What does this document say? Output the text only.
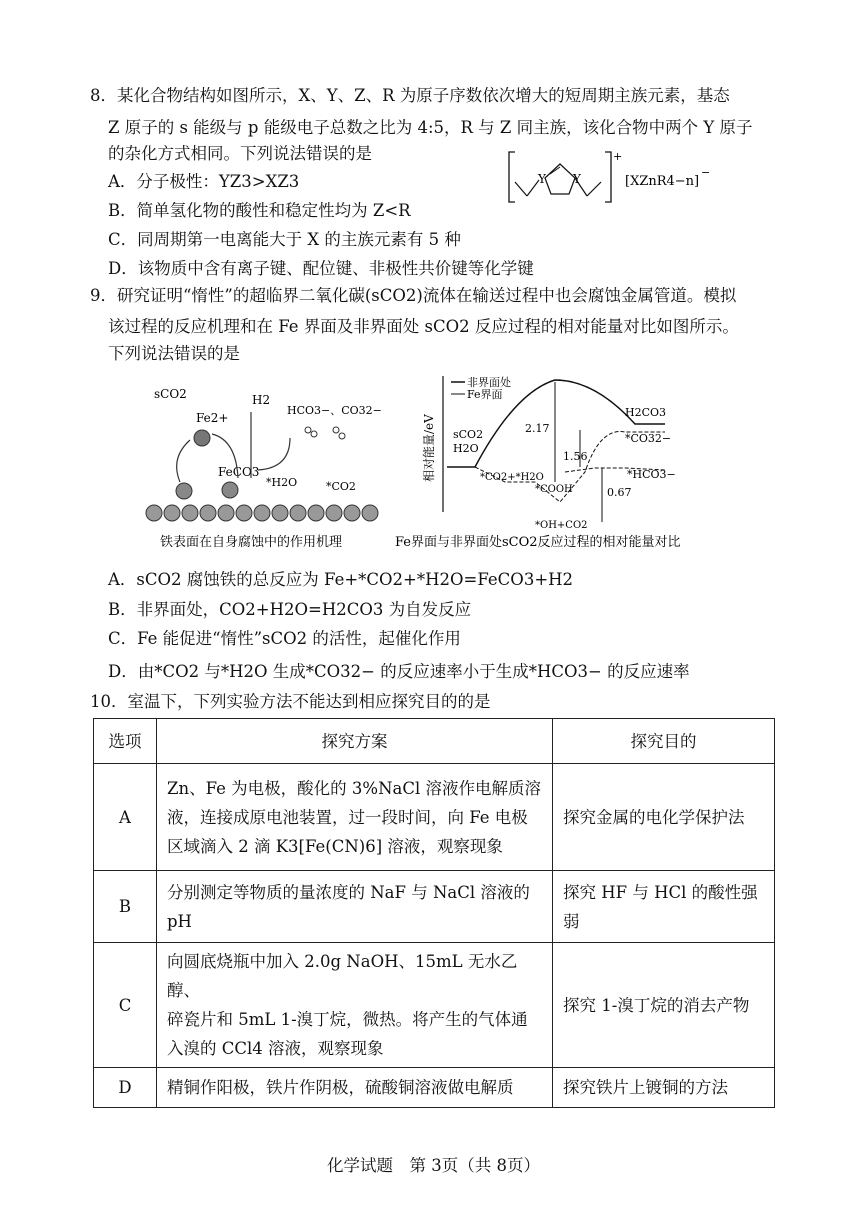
8．某化合物结构如图所示，X、Y、Z、R 为原子序数依次增大的短周期主族元素，基态
Z 原子的 s 能级与 p 能级电子总数之比为 4:5，R 与 Z 同主族，该化合物中两个 Y 原子
的杂化方式相同。下列说法错误的是
A．分子极性：YZ3>XZ3
B．简单氢化物的酸性和稳定性均为 Z<R
C．同周期第一电离能大于 X 的主族元素有 5 种
D．该物质中含有离子键、配位键、非极性共价键等化学键
Y Y
+
[XZnR4−n]
−
9．研究证明“惰性”的超临界二氧化碳(sCO2)流体在输送过程中也会腐蚀金属管道。模拟
该过程的反应机理和在 Fe 界面及非界面处 sCO2 反应过程的相对能量对比如图所示。
下列说法错误的是
sCO2
Fe2+
H2
HCO3−、CO32−
FeCO3
*H2O	*CO2
铁表面在自身腐蚀中的作用机理
相对能量/eV
非界面处
Fe界面
sCO2
H2O
H2CO3
*CO32−
*CO2+*H2O
*COOH
*HCO3−
*OH+CO2
2.17
1.56
0.67
Fe界面与非界面处sCO2反应过程的相对能量对比
A．sCO2 腐蚀铁的总反应为 Fe+*CO2+*H2O=FeCO3+H2
B．非界面处，CO2+H2O=H2CO3 为自发反应
C．Fe 能促进“惰性”sCO2 的活性，起催化作用
D．由*CO2 与*H2O 生成*CO32− 的反应速率小于生成*HCO3− 的反应速率
10．室温下，下列实验方法不能达到相应探究目的的是
选项	探究方案	探究目的
A	Zn、Fe 为电极，酸化的 3%NaCl 溶液作电解质溶
液，连接成原电池装置，过一段时间，向 Fe 电极
区域滴入 2 滴 K3[Fe(CN)6] 溶液，观察现象	探究金属的电化学保护法
B	分别测定等物质的量浓度的 NaF 与 NaCl 溶液的
pH	探究 HF 与 HCl 的酸性强
弱
C	向圆底烧瓶中加入 2.0g NaOH、15mL 无水乙醇、
碎瓷片和 5mL 1-溴丁烷，微热。将产生的气体通
入溴的 CCl4 溶液，观察现象	探究 1-溴丁烷的消去产物
D	精铜作阳极，铁片作阴极，硫酸铜溶液做电解质	探究铁片上镀铜的方法
化学试题　第 3页（共 8页）
